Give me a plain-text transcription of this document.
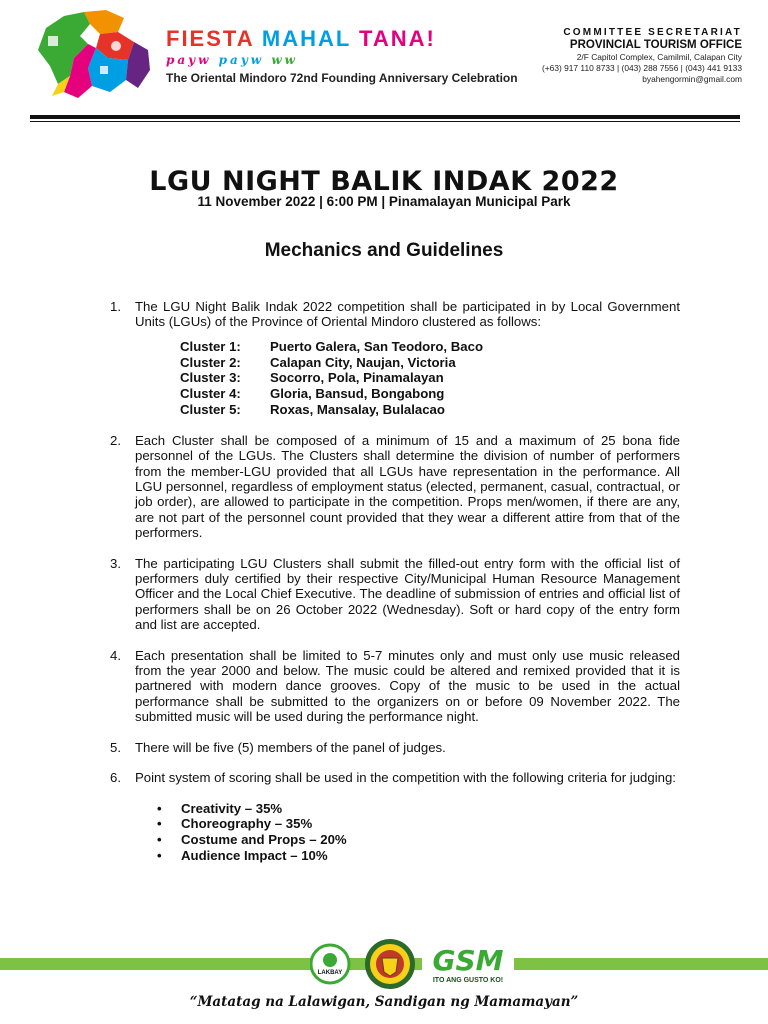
FIESTA MAHAL TANA!
payw payw ww
The Oriental Mindoro 72nd Founding Anniversary Celebration
COMMITTEE SECRETARIAT
PROVINCIAL TOURISM OFFICE
2/F Capitol Complex, Camilmil, Calapan City
(+63) 917 110 8733 | (043) 288 7556 | (043) 441 9133
byahengormin@gmail.com
LGU NIGHT BALIK INDAK 2022
11 November 2022 | 6:00 PM | Pinamalayan Municipal Park
Mechanics and Guidelines
1. The LGU Night Balik Indak 2022 competition shall be participated in by Local Government Units (LGUs) of the Province of Oriental Mindoro clustered as follows:
Cluster 1:	Puerto Galera, San Teodoro, Baco
Cluster 2:	Calapan City, Naujan, Victoria
Cluster 3:	Socorro, Pola, Pinamalayan
Cluster 4:	Gloria, Bansud, Bongabong
Cluster 5:	Roxas, Mansalay, Bulalacao
2. Each Cluster shall be composed of a minimum of 15 and a maximum of 25 bona fide personnel of the LGUs. The Clusters shall determine the division of number of performers from the member-LGU provided that all LGUs have representation in the performance. All LGU personnel, regardless of employment status (elected, permanent, casual, contractual, or job order), are allowed to participate in the competition. Props men/women, if there are any, are not part of the personnel count provided that they wear a different attire from that of the performers.
3. The participating LGU Clusters shall submit the filled-out entry form with the official list of performers duly certified by their respective City/Municipal Human Resource Management Officer and the Local Chief Executive. The deadline of submission of entries and official list of performers shall be on 26 October 2022 (Wednesday). Soft or hard copy of the entry form and list are accepted.
4. Each presentation shall be limited to 5-7 minutes only and must only use music released from the year 2000 and below. The music could be altered and remixed provided that it is partnered with modern dance grooves. Copy of the music to be used in the actual performance shall be submitted to the organizers on or before 09 November 2022. The submitted music will be used during the performance night.
5. There will be five (5) members of the panel of judges.
6. Point system of scoring shall be used in the competition with the following criteria for judging:
• Creativity – 35%
• Choreography – 35%
• Costume and Props – 20%
• Audience Impact – 10%
LAKBAY	GSM
ITO ANG GUSTO KO!
“Matatag na Lalawigan, Sandigan ng Mamamayan”
